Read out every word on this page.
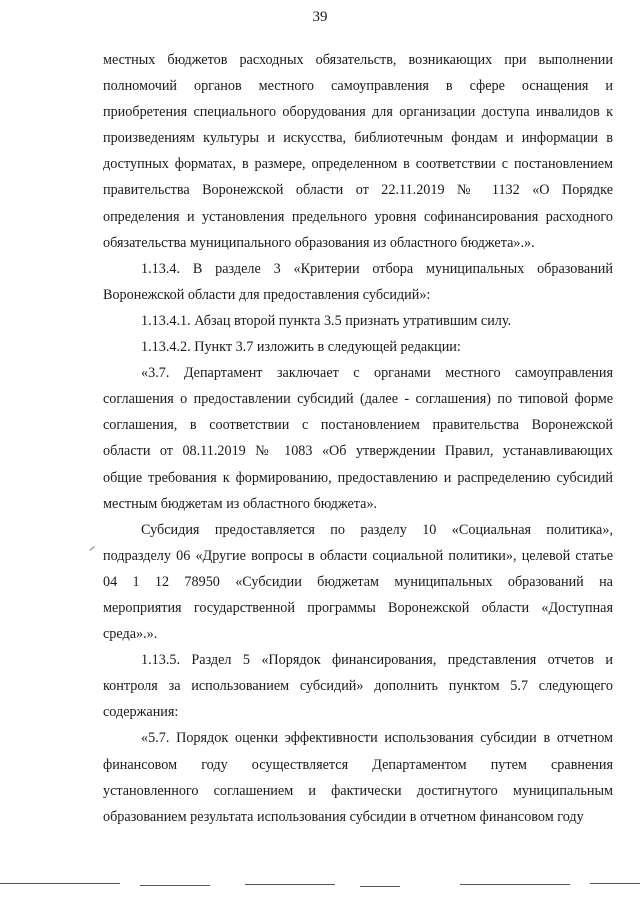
39

местных бюджетов расходных обязательств, возникающих при выполнении
полномочий органов местного самоуправления в сфере оснащения и
приобретения специального оборудования для организации доступа инвалидов к
произведениям культуры и искусства, библиотечным фондам и информации в
доступных форматах, в размере, определенном в соответствии с постановлением
правительства Воронежской области от 22.11.2019 № 1132 «О Порядке
определения и установления предельного уровня софинансирования расходного
обязательства муниципального образования из областного бюджета».».

1.13.4. В разделе 3 «Критерии отбора муниципальных образований
Воронежской области для предоставления субсидий»:

1.13.4.1. Абзац второй пункта 3.5 признать утратившим силу.

1.13.4.2. Пункт 3.7 изложить в следующей редакции:

«3.7. Департамент заключает с органами местного самоуправления
соглашения о предоставлении субсидий (далее - соглашения) по типовой форме
соглашения, в соответствии с постановлением правительства Воронежской
области от 08.11.2019 № 1083 «Об утверждении Правил, устанавливающих
общие требования к формированию, предоставлению и распределению субсидий
местным бюджетам из областного бюджета».

Субсидия предоставляется по разделу 10 «Социальная политика»,
подразделу 06 «Другие вопросы в области социальной политики», целевой статье
04 1 12 78950 «Субсидии бюджетам муниципальных образований на
мероприятия государственной программы Воронежской области «Доступная
среда».».

1.13.5. Раздел 5 «Порядок финансирования, представления отчетов и
контроля за использованием субсидий» дополнить пунктом 5.7 следующего
содержания:

«5.7. Порядок оценки эффективности использования субсидии в отчетном
финансовом году осуществляется Департаментом путем сравнения
установленного соглашением и фактически достигнутого муниципальным
образованием результата использования субсидии в отчетном финансовом году
